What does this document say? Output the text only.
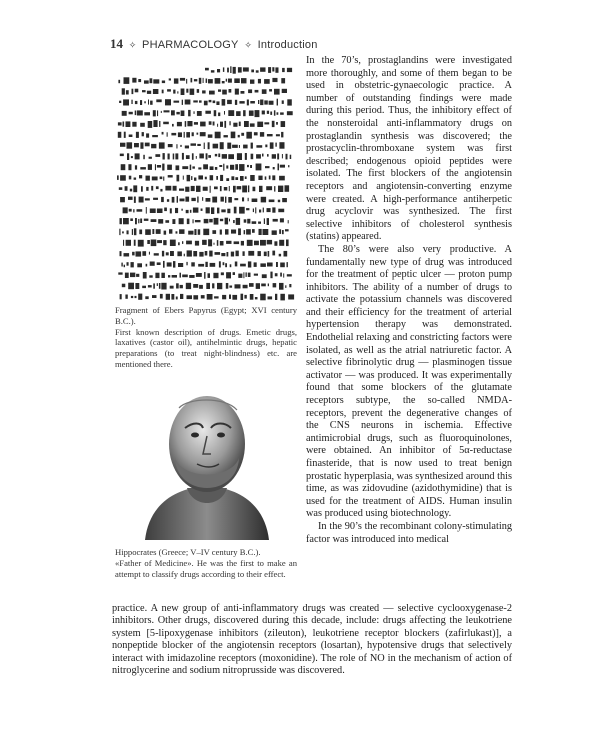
14 ✧ PHARMACOLOGY ✧ Introduction
Fragment of Ebers Papyrus (Egypt; XVI century B.C.).
First known description of drugs. Emetic drugs, laxatives (castor oil), antihelmintic drugs, hepatic preparations (to treat night-blindness) etc. are mentioned there.
Hippocrates (Greece; V–IV century B.C.).
«Father of Medicine». He was the first to make an attempt to classify drugs according to their effect.

In the 70’s, prostaglandins were investigated more thoroughly, and some of them began to be used in obstetric-gynaecologic practice. A number of outstanding findings were made during this period. Thus, the inhibitory effect of the nonsteroidal anti-inflammatory drugs on prostaglandin synthesis was discovered; the prostacyclin-thromboxane system was first described; endogenous opioid peptides were isolated. The first blockers of the angiotensin receptors and angiotensin-converting enzyme were created. A high-performance antiherpetic drug acyclovir was synthesized. The first selective inhibitors of cholesterol synthesis (statins) appeared.

The 80’s were also very productive. A fundamentally new type of drug was introduced for the treatment of peptic ulcer — proton pump inhibitors. The ability of a number of drugs to activate the potassium channels was discovered and their efficiency for the treatment of arterial hypertension therapy was demonstrated. Endothelial relaxing and constricting factors were isolated, as well as the atrial natriuretic factor. A selective fibrinolytic drug — plasminogen tissue activator — was produced. It was experimentally found that some blockers of the glutamate receptors subtype, the so-called NMDA-receptors, prevent the degenerative changes of the CNS neurons in ischemia. Effective antimicrobial drugs, such as fluoroquinolones, were obtained. An inhibitor of 5α-reductase finasteride, that is now used to treat benign prostatic hyperplasia, was synthesized around this time, as was zidovudine (azidothymidine) that is used for the treatment of AIDS. Human insulin was produced using biotechnology.

In the 90’s the recombinant colony-stimulating factor was introduced into medical

practice. A new group of anti-inflammatory drugs was created — selective cyclooxygenase-2 inhibitors. Other drugs, discovered during this decade, include: drugs affecting the leukotriene system [5-lipoxygenase inhibitors (zileuton), leukotriene receptor blockers (zafirlukast)], a nonpeptide blocker of the angiotensin receptors (losartan), hypotensive drugs that selectively interact with imidazoline receptors (moxonidine). The role of NO in the mechanism of action of nitroglycerine and sodium nitroprusside was discovered.
